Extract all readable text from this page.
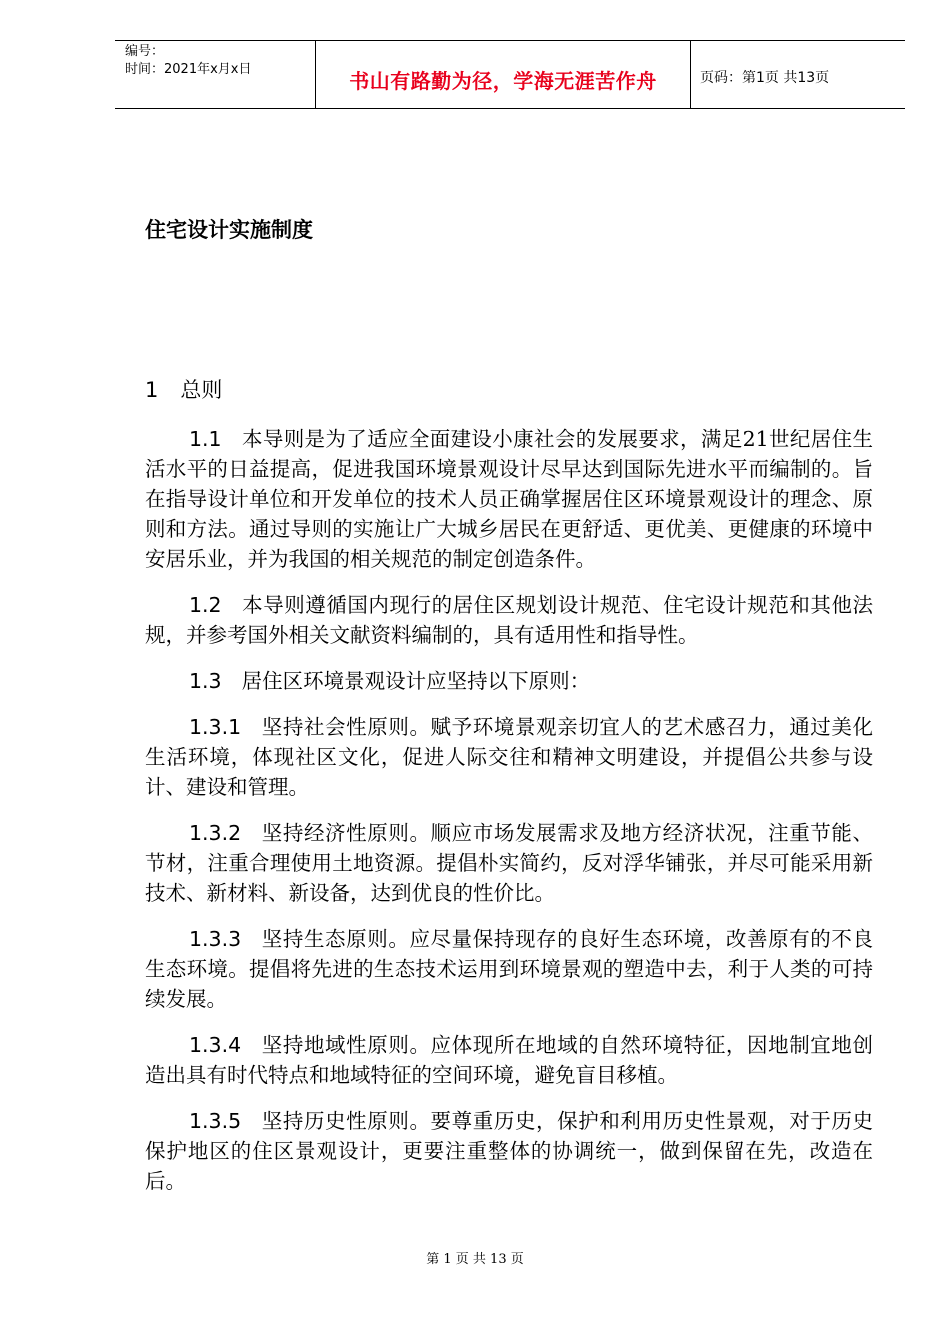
编号：
时间：2021年x月x日	书山有路勤为径，学海无涯苦作舟	页码：第1页 共13页
住宅设计实施制度
1 总则

1.1 本导则是为了适应全面建设小康社会的发展要求，满足21世纪居住生活水平的日益提高，促进我国环境景观设计尽早达到国际先进水平而编制的。旨在指导设计单位和开发单位的技术人员正确掌握居住区环境景观设计的理念、原则和方法。通过导则的实施让广大城乡居民在更舒适、更优美、更健康的环境中安居乐业，并为我国的相关规范的制定创造条件。

1.2 本导则遵循国内现行的居住区规划设计规范、住宅设计规范和其他法规，并参考国外相关文献资料编制的，具有适用性和指导性。

1.3 居住区环境景观设计应坚持以下原则：

1.3.1 坚持社会性原则。赋予环境景观亲切宜人的艺术感召力，通过美化生活环境，体现社区文化，促进人际交往和精神文明建设，并提倡公共参与设计、建设和管理。

1.3.2 坚持经济性原则。顺应市场发展需求及地方经济状况，注重节能、节材，注重合理使用土地资源。提倡朴实简约，反对浮华铺张，并尽可能采用新技术、新材料、新设备，达到优良的性价比。

1.3.3 坚持生态原则。应尽量保持现存的良好生态环境，改善原有的不良生态环境。提倡将先进的生态技术运用到环境景观的塑造中去，利于人类的可持续发展。

1.3.4 坚持地域性原则。应体现所在地域的自然环境特征，因地制宜地创造出具有时代特点和地域特征的空间环境，避免盲目移植。

1.3.5 坚持历史性原则。要尊重历史，保护和利用历史性景观，对于历史保护地区的住区景观设计，更要注重整体的协调统一，做到保留在先，改造在后。

第 1 页 共 13 页
